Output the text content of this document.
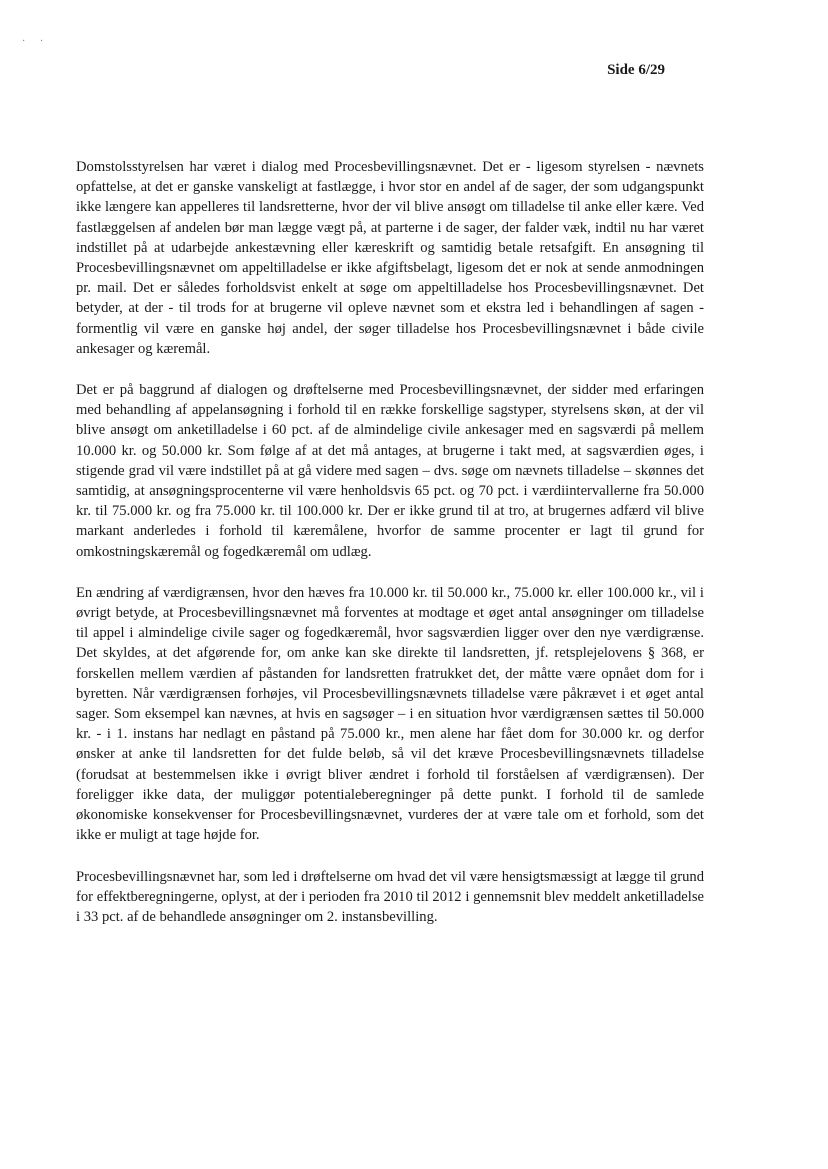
· ·
Side 6/29

Domstolsstyrelsen har været i dialog med Procesbevillingsnævnet. Det er - ligesom styrelsen - nævnets opfattelse, at det er ganske vanskeligt at fastlægge, i hvor stor en andel af de sager, der som udgangspunkt ikke længere kan appelleres til landsretterne, hvor der vil blive ansøgt om tilladelse til anke eller kære. Ved fastlæggelsen af andelen bør man lægge vægt på, at parterne i de sager, der falder væk, indtil nu har været indstillet på at udarbejde ankestævning eller kæreskrift og samtidig betale retsafgift. En ansøgning til Procesbevillingsnævnet om appeltilladelse er ikke afgiftsbelagt, ligesom det er nok at sende anmodningen pr. mail. Det er således forholdsvist enkelt at søge om appeltilladelse hos Procesbevillingsnævnet. Det betyder, at der - til trods for at brugerne vil opleve nævnet som et ekstra led i behandlingen af sagen - formentlig vil være en ganske høj andel, der søger tilladelse hos Procesbevillingsnævnet i både civile ankesager og kæremål.

Det er på baggrund af dialogen og drøftelserne med Procesbevillingsnævnet, der sidder med erfaringen med behandling af appelansøgning i forhold til en række forskellige sagstyper, styrelsens skøn, at der vil blive ansøgt om anketilladelse i 60 pct. af de almindelige civile ankesager med en sagsværdi på mellem 10.000 kr. og 50.000 kr. Som følge af at det må antages, at brugerne i takt med, at sagsværdien øges, i stigende grad vil være indstillet på at gå videre med sagen – dvs. søge om nævnets tilladelse – skønnes det samtidig, at ansøgningsprocenterne vil være henholdsvis 65 pct. og 70 pct. i værdiintervallerne fra 50.000 kr. til 75.000 kr. og fra 75.000 kr. til 100.000 kr. Der er ikke grund til at tro, at brugernes adfærd vil blive markant anderledes i forhold til kæremålene, hvorfor de samme procenter er lagt til grund for omkostningskæremål og fogedkæremål om udlæg.

En ændring af værdigrænsen, hvor den hæves fra 10.000 kr. til 50.000 kr., 75.000 kr. eller 100.000 kr., vil i øvrigt betyde, at Procesbevillingsnævnet må forventes at modtage et øget antal ansøgninger om tilladelse til appel i almindelige civile sager og fogedkæremål, hvor sagsværdien ligger over den nye værdigrænse. Det skyldes, at det afgørende for, om anke kan ske direkte til landsretten, jf. retsplejelovens § 368, er forskellen mellem værdien af påstanden for landsretten fratrukket det, der måtte være opnået dom for i byretten. Når værdigrænsen forhøjes, vil Procesbevillingsnævnets tilladelse være påkrævet i et øget antal sager. Som eksempel kan nævnes, at hvis en sagsøger – i en situation hvor værdigrænsen sættes til 50.000 kr. - i 1. instans har nedlagt en påstand på 75.000 kr., men alene har fået dom for 30.000 kr. og derfor ønsker at anke til landsretten for det fulde beløb, så vil det kræve Procesbevillingsnævnets tilladelse (forudsat at bestemmelsen ikke i øvrigt bliver ændret i forhold til forståelsen af værdigrænsen). Der foreligger ikke data, der muliggør potentialeberegninger på dette punkt. I forhold til de samlede økonomiske konsekvenser for Procesbevillingsnævnet, vurderes der at være tale om et forhold, som det ikke er muligt at tage højde for.

Procesbevillingsnævnet har, som led i drøftelserne om hvad det vil være hensigtsmæssigt at lægge til grund for effektberegningerne, oplyst, at der i perioden fra 2010 til 2012 i gennemsnit blev meddelt anketilladelse i 33 pct. af de behandlede ansøgninger om 2. instansbevilling.
